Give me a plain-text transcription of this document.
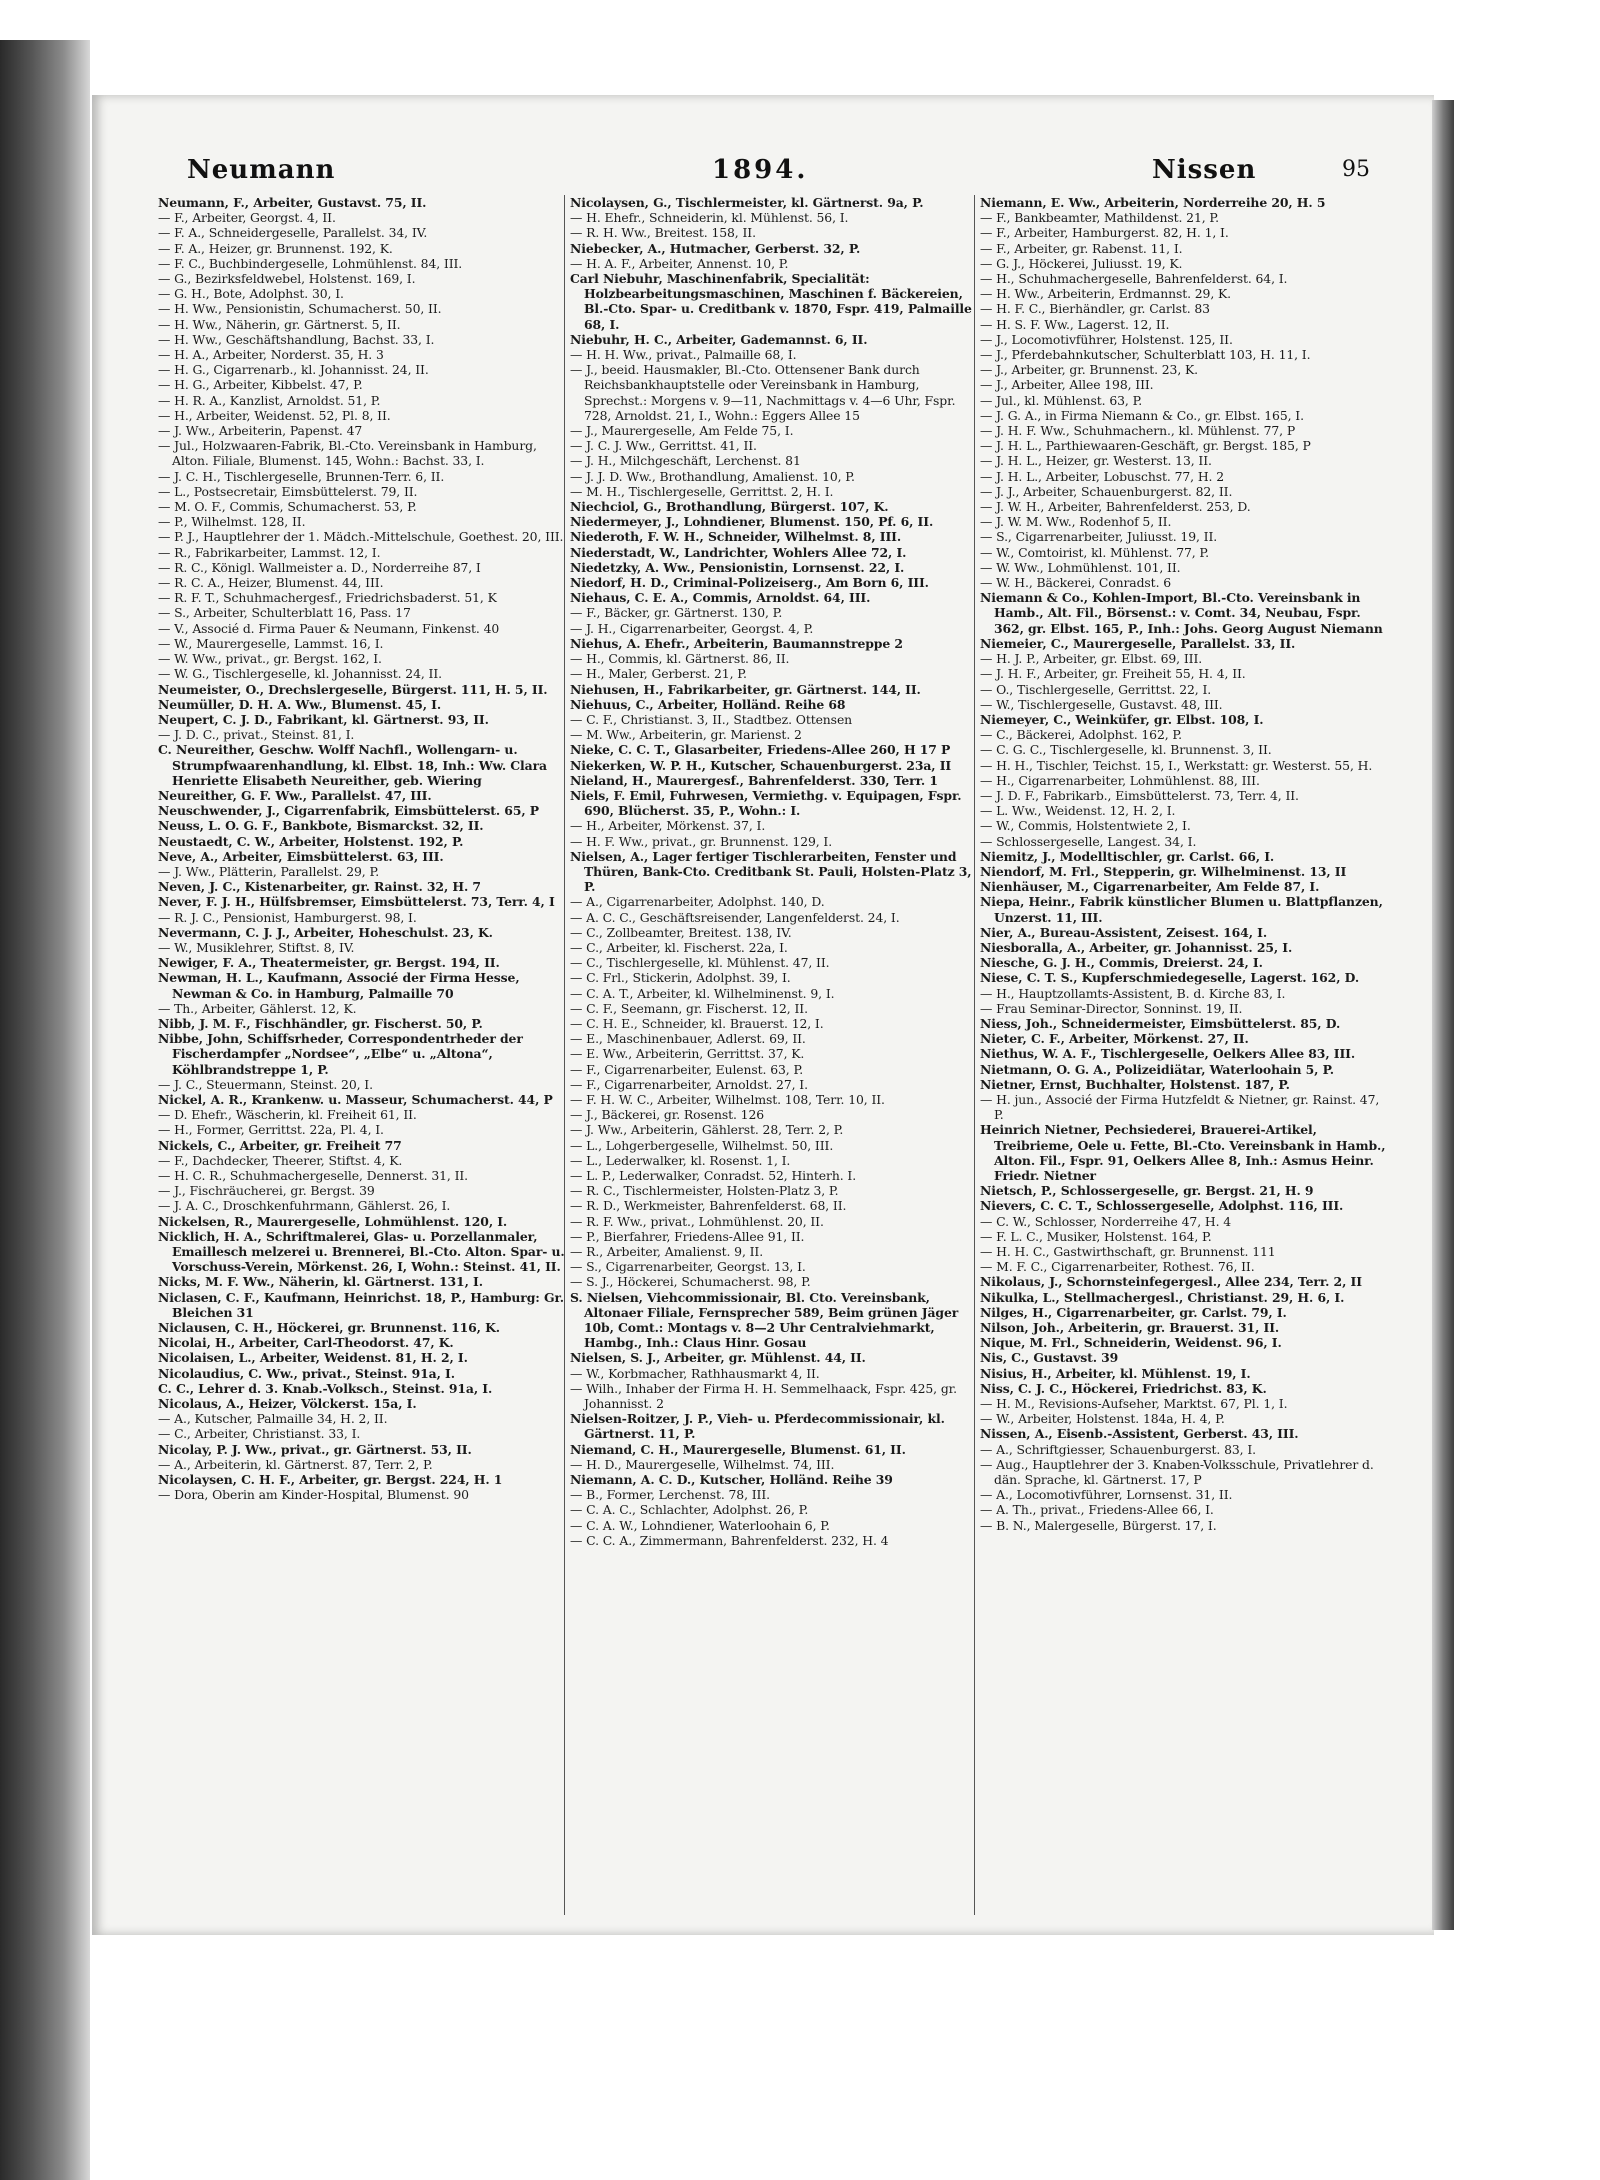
Neumann	1894.	Nissen	95

Neumann, F., Arbeiter, Gustavst. 75, II.

— F., Arbeiter, Georgst. 4, II.

— F. A., Schneidergeselle, Parallelst. 34, IV.

— F. A., Heizer, gr. Brunnenst. 192, K.

— F. C., Buchbindergeselle, Lohmühlenst. 84, III.

— G., Bezirksfeldwebel, Holstenst. 169, I.

— G. H., Bote, Adolphst. 30, I.

— H. Ww., Pensionistin, Schumacherst. 50, II.

— H. Ww., Näherin, gr. Gärtnerst. 5, II.

— H. Ww., Geschäftshandlung, Bachst. 33, I.

— H. A., Arbeiter, Norderst. 35, H. 3

— H. G., Cigarrenarb., kl. Johannisst. 24, II.

— H. G., Arbeiter, Kibbelst. 47, P.

— H. R. A., Kanzlist, Arnoldst. 51, P.

— H., Arbeiter, Weidenst. 52, Pl. 8, II.

— J. Ww., Arbeiterin, Papenst. 47

— Jul., Holzwaaren-Fabrik, Bl.-Cto. Vereinsbank in Hamburg, Alton. Filiale, Blumenst. 145, Wohn.: Bachst. 33, I.

— J. C. H., Tischlergeselle, Brunnen-Terr. 6, II.

— L., Postsecretair, Eimsbüttelerst. 79, II.

— M. O. F., Commis, Schumacherst. 53, P.

— P., Wilhelmst. 128, II.

— P. J., Hauptlehrer der 1. Mädch.-Mittelschule, Goethest. 20, III.

— R., Fabrikarbeiter, Lammst. 12, I.

— R. C., Königl. Wallmeister a. D., Norderreihe 87, I

— R. C. A., Heizer, Blumenst. 44, III.

— R. F. T., Schuhmachergesf., Friedrichsbaderst. 51, K

— S., Arbeiter, Schulterblatt 16, Pass. 17

— V., Associé d. Firma Pauer & Neumann, Finkenst. 40

— W., Maurergeselle, Lammst. 16, I.

— W. Ww., privat., gr. Bergst. 162, I.

— W. G., Tischlergeselle, kl. Johannisst. 24, II.

Neumeister, O., Drechslergeselle, Bürgerst. 111, H. 5, II.

Neumüller, D. H. A. Ww., Blumenst. 45, I.

Neupert, C. J. D., Fabrikant, kl. Gärtnerst. 93, II.

— J. D. C., privat., Steinst. 81, I.

C. Neureither, Geschw. Wolff Nachfl., Wollengarn- u. Strumpfwaarenhandlung, kl. Elbst. 18, Inh.: Ww. Clara Henriette Elisabeth Neureither, geb. Wiering

Neureither, G. F. Ww., Parallelst. 47, III.

Neuschwender, J., Cigarrenfabrik, Eimsbüttelerst. 65, P

Neuss, L. O. G. F., Bankbote, Bismarckst. 32, II.

Neustaedt, C. W., Arbeiter, Holstenst. 192, P.

Neve, A., Arbeiter, Eimsbüttelerst. 63, III.

— J. Ww., Plätterin, Parallelst. 29, P.

Neven, J. C., Kistenarbeiter, gr. Rainst. 32, H. 7

Never, F. J. H., Hülfsbremser, Eimsbüttelerst. 73, Terr. 4, I

— R. J. C., Pensionist, Hamburgerst. 98, I.

Nevermann, C. J. J., Arbeiter, Hoheschulst. 23, K.

— W., Musiklehrer, Stiftst. 8, IV.

Newiger, F. A., Theatermeister, gr. Bergst. 194, II.

Newman, H. L., Kaufmann, Associé der Firma Hesse, Newman & Co. in Hamburg, Palmaille 70

— Th., Arbeiter, Gählerst. 12, K.

Nibb, J. M. F., Fischhändler, gr. Fischerst. 50, P.

Nibbe, John, Schiffsrheder, Correspondentrheder der Fischerdampfer „Nordsee“, „Elbe“ u. „Altona“, Köhlbrandstreppe 1, P.

— J. C., Steuermann, Steinst. 20, I.

Nickel, A. R., Krankenw. u. Masseur, Schumacherst. 44, P

— D. Ehefr., Wäscherin, kl. Freiheit 61, II.

— H., Former, Gerrittst. 22a, Pl. 4, I.

Nickels, C., Arbeiter, gr. Freiheit 77

— F., Dachdecker, Theerer, Stiftst. 4, K.

— H. C. R., Schuhmachergeselle, Dennerst. 31, II.

— J., Fischräucherei, gr. Bergst. 39

— J. A. C., Droschkenfuhrmann, Gählerst. 26, I.

Nickelsen, R., Maurergeselle, Lohmühlenst. 120, I.

Nicklich, H. A., Schriftmalerei, Glas- u. Porzellanmaler, Emaillesch melzerei u. Brennerei, Bl.-Cto. Alton. Spar- u. Vorschuss-Verein, Mörkenst. 26, I, Wohn.: Steinst. 41, II.

Nicks, M. F. Ww., Näherin, kl. Gärtnerst. 131, I.

Niclasen, C. F., Kaufmann, Heinrichst. 18, P., Hamburg: Gr. Bleichen 31

Niclausen, C. H., Höckerei, gr. Brunnenst. 116, K.

Nicolai, H., Arbeiter, Carl-Theodorst. 47, K.

Nicolaisen, L., Arbeiter, Weidenst. 81, H. 2, I.

Nicolaudius, C. Ww., privat., Steinst. 91a, I.

C. C., Lehrer d. 3. Knab.-Volksch., Steinst. 91a, I.

Nicolaus, A., Heizer, Völckerst. 15a, I.

— A., Kutscher, Palmaille 34, H. 2, II.

— C., Arbeiter, Christianst. 33, I.

Nicolay, P. J. Ww., privat., gr. Gärtnerst. 53, II.

— A., Arbeiterin, kl. Gärtnerst. 87, Terr. 2, P.

Nicolaysen, C. H. F., Arbeiter, gr. Bergst. 224, H. 1

— Dora, Oberin am Kinder-Hospital, Blumenst. 90

Nicolaysen, G., Tischlermeister, kl. Gärtnerst. 9a, P.

— H. Ehefr., Schneiderin, kl. Mühlenst. 56, I.

— R. H. Ww., Breitest. 158, II.

Niebecker, A., Hutmacher, Gerberst. 32, P.

— H. A. F., Arbeiter, Annenst. 10, P.

Carl Niebuhr, Maschinenfabrik, Specialität: Holzbearbeitungsmaschinen, Maschinen f. Bäckereien, Bl.-Cto. Spar- u. Creditbank v. 1870, Fspr. 419, Palmaille 68, I.

Niebuhr, H. C., Arbeiter, Gademannst. 6, II.

— H. H. Ww., privat., Palmaille 68, I.

— J., beeid. Hausmakler, Bl.-Cto. Ottensener Bank durch Reichsbankhauptstelle oder Vereinsbank in Hamburg, Sprechst.: Morgens v. 9—11, Nachmittags v. 4—6 Uhr, Fspr. 728, Arnoldst. 21, I., Wohn.: Eggers Allee 15

— J., Maurergeselle, Am Felde 75, I.

— J. C. J. Ww., Gerrittst. 41, II.

— J. H., Milchgeschäft, Lerchenst. 81

— J. J. D. Ww., Brothandlung, Amalienst. 10, P.

— M. H., Tischlergeselle, Gerrittst. 2, H. I.

Niechciol, G., Brothandlung, Bürgerst. 107, K.

Niedermeyer, J., Lohndiener, Blumenst. 150, Pf. 6, II.

Niederoth, F. W. H., Schneider, Wilhelmst. 8, III.

Niederstadt, W., Landrichter, Wohlers Allee 72, I.

Niedetzky, A. Ww., Pensionistin, Lornsenst. 22, I.

Niedorf, H. D., Criminal-Polizeiserg., Am Born 6, III.

Niehaus, C. E. A., Commis, Arnoldst. 64, III.

— F., Bäcker, gr. Gärtnerst. 130, P.

— J. H., Cigarrenarbeiter, Georgst. 4, P.

Niehus, A. Ehefr., Arbeiterin, Baumannstreppe 2

— H., Commis, kl. Gärtnerst. 86, II.

— H., Maler, Gerberst. 21, P.

Niehusen, H., Fabrikarbeiter, gr. Gärtnerst. 144, II.

Niehuus, C., Arbeiter, Holländ. Reihe 68

— C. F., Christianst. 3, II., Stadtbez. Ottensen

— M. Ww., Arbeiterin, gr. Marienst. 2

Nieke, C. C. T., Glasarbeiter, Friedens-Allee 260, H 17 P

Niekerken, W. P. H., Kutscher, Schauenburgerst. 23a, II

Nieland, H., Maurergesf., Bahrenfelderst. 330, Terr. 1

Niels, F. Emil, Fuhrwesen, Vermiethg. v. Equipagen, Fspr. 690, Blücherst. 35, P., Wohn.: I.

— H., Arbeiter, Mörkenst. 37, I.

— H. F. Ww., privat., gr. Brunnenst. 129, I.

Nielsen, A., Lager fertiger Tischlerarbeiten, Fenster und Thüren, Bank-Cto. Creditbank St. Pauli, Holsten-Platz 3, P.

— A., Cigarrenarbeiter, Adolphst. 140, D.

— A. C. C., Geschäftsreisender, Langenfelderst. 24, I.

— C., Zollbeamter, Breitest. 138, IV.

— C., Arbeiter, kl. Fischerst. 22a, I.

— C., Tischlergeselle, kl. Mühlenst. 47, II.

— C. Frl., Stickerin, Adolphst. 39, I.

— C. A. T., Arbeiter, kl. Wilhelminenst. 9, I.

— C. F., Seemann, gr. Fischerst. 12, II.

— C. H. E., Schneider, kl. Brauerst. 12, I.

— E., Maschinenbauer, Adlerst. 69, II.

— E. Ww., Arbeiterin, Gerrittst. 37, K.

— F., Cigarrenarbeiter, Eulenst. 63, P.

— F., Cigarrenarbeiter, Arnoldst. 27, I.

— F. H. W. C., Arbeiter, Wilhelmst. 108, Terr. 10, II.

— J., Bäckerei, gr. Rosenst. 126

— J. Ww., Arbeiterin, Gählerst. 28, Terr. 2, P.

— L., Lohgerbergeselle, Wilhelmst. 50, III.

— L., Lederwalker, kl. Rosenst. 1, I.

— L. P., Lederwalker, Conradst. 52, Hinterh. I.

— R. C., Tischlermeister, Holsten-Platz 3, P.

— R. D., Werkmeister, Bahrenfelderst. 68, II.

— R. F. Ww., privat., Lohmühlenst. 20, II.

— P., Bierfahrer, Friedens-Allee 91, II.

— R., Arbeiter, Amalienst. 9, II.

— S., Cigarrenarbeiter, Georgst. 13, I.

— S. J., Höckerei, Schumacherst. 98, P.

S. Nielsen, Viehcommissionair, Bl. Cto. Vereinsbank, Altonaer Filiale, Fernsprecher 589, Beim grünen Jäger 10b, Comt.: Montags v. 8—2 Uhr Centralviehmarkt, Hambg., Inh.: Claus Hinr. Gosau

Nielsen, S. J., Arbeiter, gr. Mühlenst. 44, II.

— W., Korbmacher, Rathhausmarkt 4, II.

— Wilh., Inhaber der Firma H. H. Semmelhaack, Fspr. 425, gr. Johannisst. 2

Nielsen-Roitzer, J. P., Vieh- u. Pferdecommissionair, kl. Gärtnerst. 11, P.

Niemand, C. H., Maurergeselle, Blumenst. 61, II.

— H. D., Maurergeselle, Wilhelmst. 74, III.

Niemann, A. C. D., Kutscher, Holländ. Reihe 39

— B., Former, Lerchenst. 78, III.

— C. A. C., Schlachter, Adolphst. 26, P.

— C. A. W., Lohndiener, Waterloohain 6, P.

— C. C. A., Zimmermann, Bahrenfelderst. 232, H. 4

Niemann, E. Ww., Arbeiterin, Norderreihe 20, H. 5

— F., Bankbeamter, Mathildenst. 21, P.

— F., Arbeiter, Hamburgerst. 82, H. 1, I.

— F., Arbeiter, gr. Rabenst. 11, I.

— G. J., Höckerei, Juliusst. 19, K.

— H., Schuhmachergeselle, Bahrenfelderst. 64, I.

— H. Ww., Arbeiterin, Erdmannst. 29, K.

— H. F. C., Bierhändler, gr. Carlst. 83

— H. S. F. Ww., Lagerst. 12, II.

— J., Locomotivführer, Holstenst. 125, II.

— J., Pferdebahnkutscher, Schulterblatt 103, H. 11, I.

— J., Arbeiter, gr. Brunnenst. 23, K.

— J., Arbeiter, Allee 198, III.

— Jul., kl. Mühlenst. 63, P.

— J. G. A., in Firma Niemann & Co., gr. Elbst. 165, I.

— J. H. F. Ww., Schuhmachern., kl. Mühlenst. 77, P

— J. H. L., Parthiewaaren-Geschäft, gr. Bergst. 185, P

— J. H. L., Heizer, gr. Westerst. 13, II.

— J. H. L., Arbeiter, Lobuschst. 77, H. 2

— J. J., Arbeiter, Schauenburgerst. 82, II.

— J. W. H., Arbeiter, Bahrenfelderst. 253, D.

— J. W. M. Ww., Rodenhof 5, II.

— S., Cigarrenarbeiter, Juliusst. 19, II.

— W., Comtoirist, kl. Mühlenst. 77, P.

— W. Ww., Lohmühlenst. 101, II.

— W. H., Bäckerei, Conradst. 6

Niemann & Co., Kohlen-Import, Bl.-Cto. Vereinsbank in Hamb., Alt. Fil., Börsenst.: v. Comt. 34, Neubau, Fspr. 362, gr. Elbst. 165, P., Inh.: Johs. Georg August Niemann

Niemeier, C., Maurergeselle, Parallelst. 33, II.

— H. J. P., Arbeiter, gr. Elbst. 69, III.

— J. H. F., Arbeiter, gr. Freiheit 55, H. 4, II.

— O., Tischlergeselle, Gerrittst. 22, I.

— W., Tischlergeselle, Gustavst. 48, III.

Niemeyer, C., Weinküfer, gr. Elbst. 108, I.

— C., Bäckerei, Adolphst. 162, P.

— C. G. C., Tischlergeselle, kl. Brunnenst. 3, II.

— H. H., Tischler, Teichst. 15, I., Werkstatt: gr. Westerst. 55, H.

— H., Cigarrenarbeiter, Lohmühlenst. 88, III.

— J. D. F., Fabrikarb., Eimsbüttelerst. 73, Terr. 4, II.

— L. Ww., Weidenst. 12, H. 2, I.

— W., Commis, Holstentwiete 2, I.

— Schlossergeselle, Langest. 34, I.

Niemitz, J., Modelltischler, gr. Carlst. 66, I.

Niendorf, M. Frl., Stepperin, gr. Wilhelminenst. 13, II

Nienhäuser, M., Cigarrenarbeiter, Am Felde 87, I.

Niepa, Heinr., Fabrik künstlicher Blumen u. Blattpflanzen, Unzerst. 11, III.

Nier, A., Bureau-Assistent, Zeisest. 164, I.

Niesboralla, A., Arbeiter, gr. Johannisst. 25, I.

Niesche, G. J. H., Commis, Dreierst. 24, I.

Niese, C. T. S., Kupferschmiedegeselle, Lagerst. 162, D.

— H., Hauptzollamts-Assistent, B. d. Kirche 83, I.

— Frau Seminar-Director, Sonninst. 19, II.

Niess, Joh., Schneidermeister, Eimsbüttelerst. 85, D.

Nieter, C. F., Arbeiter, Mörkenst. 27, II.

Niethus, W. A. F., Tischlergeselle, Oelkers Allee 83, III.

Nietmann, O. G. A., Polizeidiätar, Waterloohain 5, P.

Nietner, Ernst, Buchhalter, Holstenst. 187, P.

— H. jun., Associé der Firma Hutzfeldt & Nietner, gr. Rainst. 47, P.

Heinrich Nietner, Pechsiederei, Brauerei-Artikel, Treibrieme, Oele u. Fette, Bl.-Cto. Vereinsbank in Hamb., Alton. Fil., Fspr. 91, Oelkers Allee 8, Inh.: Asmus Heinr. Friedr. Nietner

Nietsch, P., Schlossergeselle, gr. Bergst. 21, H. 9

Nievers, C. C. T., Schlossergeselle, Adolphst. 116, III.

— C. W., Schlosser, Norderreihe 47, H. 4

— F. L. C., Musiker, Holstenst. 164, P.

— H. H. C., Gastwirthschaft, gr. Brunnenst. 111

— M. F. C., Cigarrenarbeiter, Rothest. 76, II.

Nikolaus, J., Schornsteinfegergesl., Allee 234, Terr. 2, II

Nikulka, L., Stellmachergesl., Christianst. 29, H. 6, I.

Nilges, H., Cigarrenarbeiter, gr. Carlst. 79, I.

Nilson, Joh., Arbeiterin, gr. Brauerst. 31, II.

Nique, M. Frl., Schneiderin, Weidenst. 96, I.

Nis, C., Gustavst. 39

Nisius, H., Arbeiter, kl. Mühlenst. 19, I.

Niss, C. J. C., Höckerei, Friedrichst. 83, K.

— H. M., Revisions-Aufseher, Marktst. 67, Pl. 1, I.

— W., Arbeiter, Holstenst. 184a, H. 4, P.

Nissen, A., Eisenb.-Assistent, Gerberst. 43, III.

— A., Schriftgiesser, Schauenburgerst. 83, I.

— Aug., Hauptlehrer der 3. Knaben-Volksschule, Privatlehrer d. dän. Sprache, kl. Gärtnerst. 17, P

— A., Locomotivführer, Lornsenst. 31, II.

— A. Th., privat., Friedens-Allee 66, I.

— B. N., Malergeselle, Bürgerst. 17, I.
